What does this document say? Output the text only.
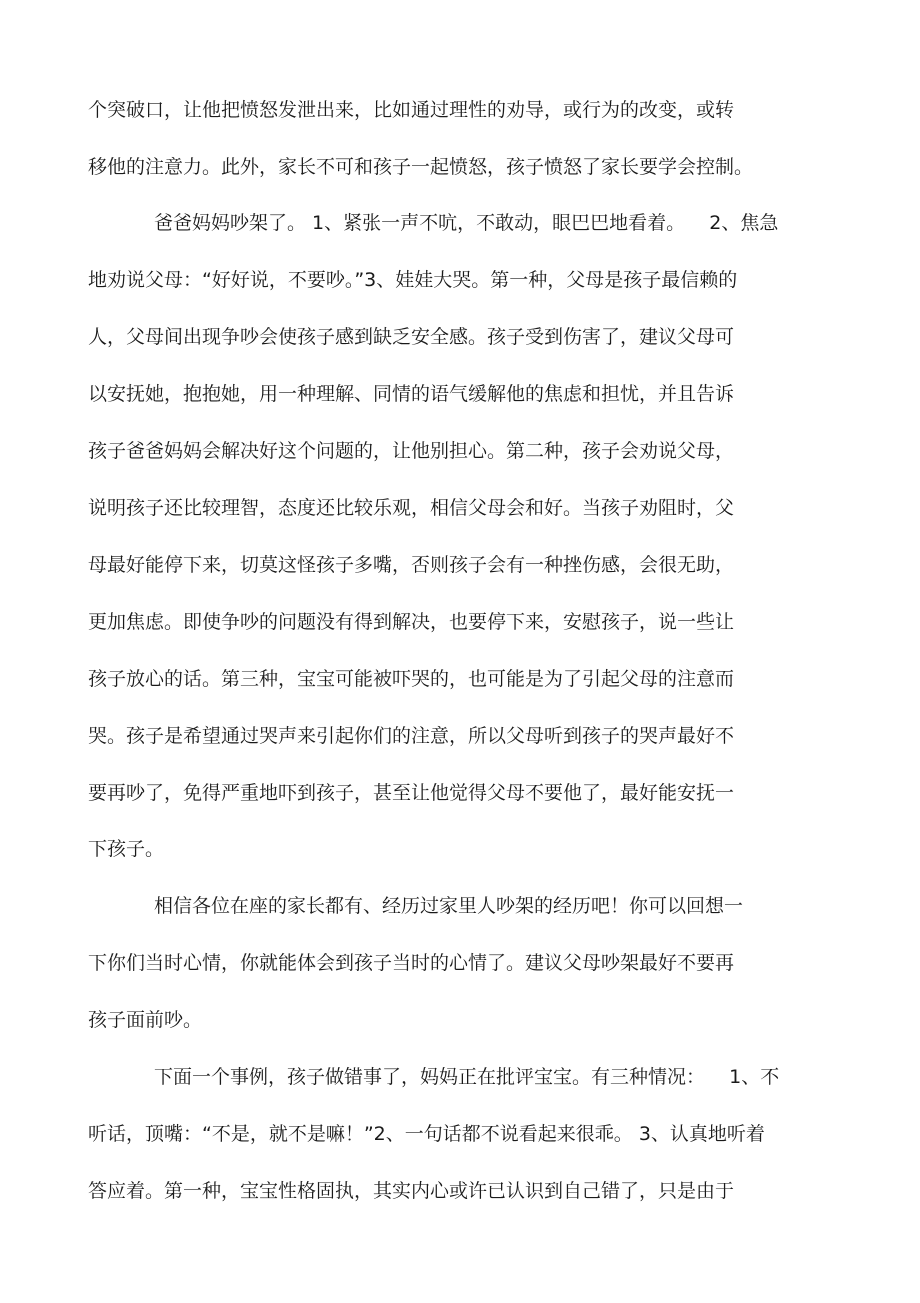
个突破口，让他把愤怒发泄出来，比如通过理性的劝导，或行为的改变，或转
移他的注意力。此外，家长不可和孩子一起愤怒，孩子愤怒了家长要学会控制。
爸爸妈妈吵架了。 1、紧张一声不吭，不敢动，眼巴巴地看着。    2、焦急
地劝说父母：“好好说，不要吵。”3、娃娃大哭。第一种，父母是孩子最信赖的
人，父母间出现争吵会使孩子感到缺乏安全感。孩子受到伤害了，建议父母可
以安抚她，抱抱她，用一种理解、同情的语气缓解他的焦虑和担忧，并且告诉
孩子爸爸妈妈会解决好这个问题的，让他别担心。第二种，孩子会劝说父母，
说明孩子还比较理智，态度还比较乐观，相信父母会和好。当孩子劝阻时，父
母最好能停下来，切莫这怪孩子多嘴，否则孩子会有一种挫伤感，会很无助，
更加焦虑。即使争吵的问题没有得到解决，也要停下来，安慰孩子，说一些让
孩子放心的话。第三种，宝宝可能被吓哭的，也可能是为了引起父母的注意而
哭。孩子是希望通过哭声来引起你们的注意，所以父母听到孩子的哭声最好不
要再吵了，免得严重地吓到孩子，甚至让他觉得父母不要他了，最好能安抚一
下孩子。
相信各位在座的家长都有、经历过家里人吵架的经历吧！你可以回想一
下你们当时心情，你就能体会到孩子当时的心情了。建议父母吵架最好不要再
孩子面前吵。
下面一个事例，孩子做错事了，妈妈正在批评宝宝。有三种情况：    1、不
听话，顶嘴：“不是，就不是嘛！”2、一句话都不说看起来很乖。 3、认真地听着
答应着。第一种，宝宝性格固执，其实内心或许已认识到自己错了，只是由于
